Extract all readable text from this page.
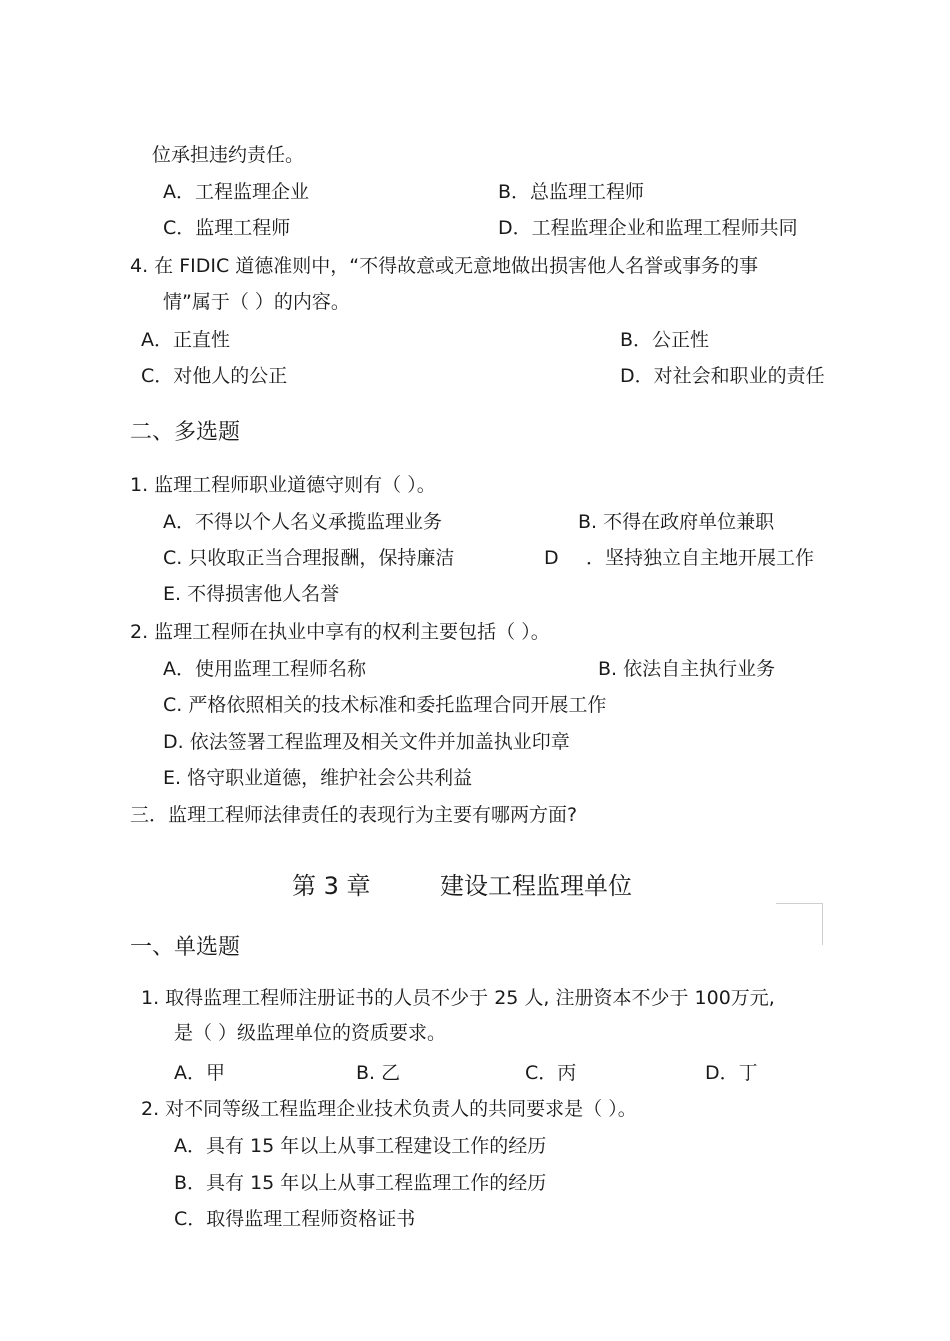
位承担违约责任。
A．工程监理企业	B．总监理工程师
C．监理工程师	D．工程监理企业和监理工程师共同
4. 在 FIDIC 道德准则中，“不得故意或无意地做出损害他人名誉或事务的事
情”属于（ ）的内容。
A．正直性	B．公正性
C．对他人的公正	D．对社会和职业的责任
二、多选题
1. 监理工程师职业道德守则有（ ）。
A．不得以个人名义承揽监理业务	B. 不得在政府单位兼职
C. 只收取正当合理报酬，保持廉洁	D ．坚持独立自主地开展工作
E. 不得损害他人名誉
2. 监理工程师在执业中享有的权利主要包括（ ）。
A．使用监理工程师名称	B. 依法自主执行业务
C. 严格依照相关的技术标准和委托监理合同开展工作
D. 依法签署工程监理及相关文件并加盖执业印章
E. 恪守职业道德，维护社会公共利益
三．监理工程师法律责任的表现行为主要有哪两方面?
第 3 章	建设工程监理单位
一、单选题
1. 取得监理工程师注册证书的人员不少于 25 人, 注册资本不少于 100万元,
是（ ）级监理单位的资质要求。
A．甲	B. 乙	C．丙	D．丁
2. 对不同等级工程监理企业技术负责人的共同要求是（ ）。
A．具有 15 年以上从事工程建设工作的经历
B．具有 15 年以上从事工程监理工作的经历
C．取得监理工程师资格证书
